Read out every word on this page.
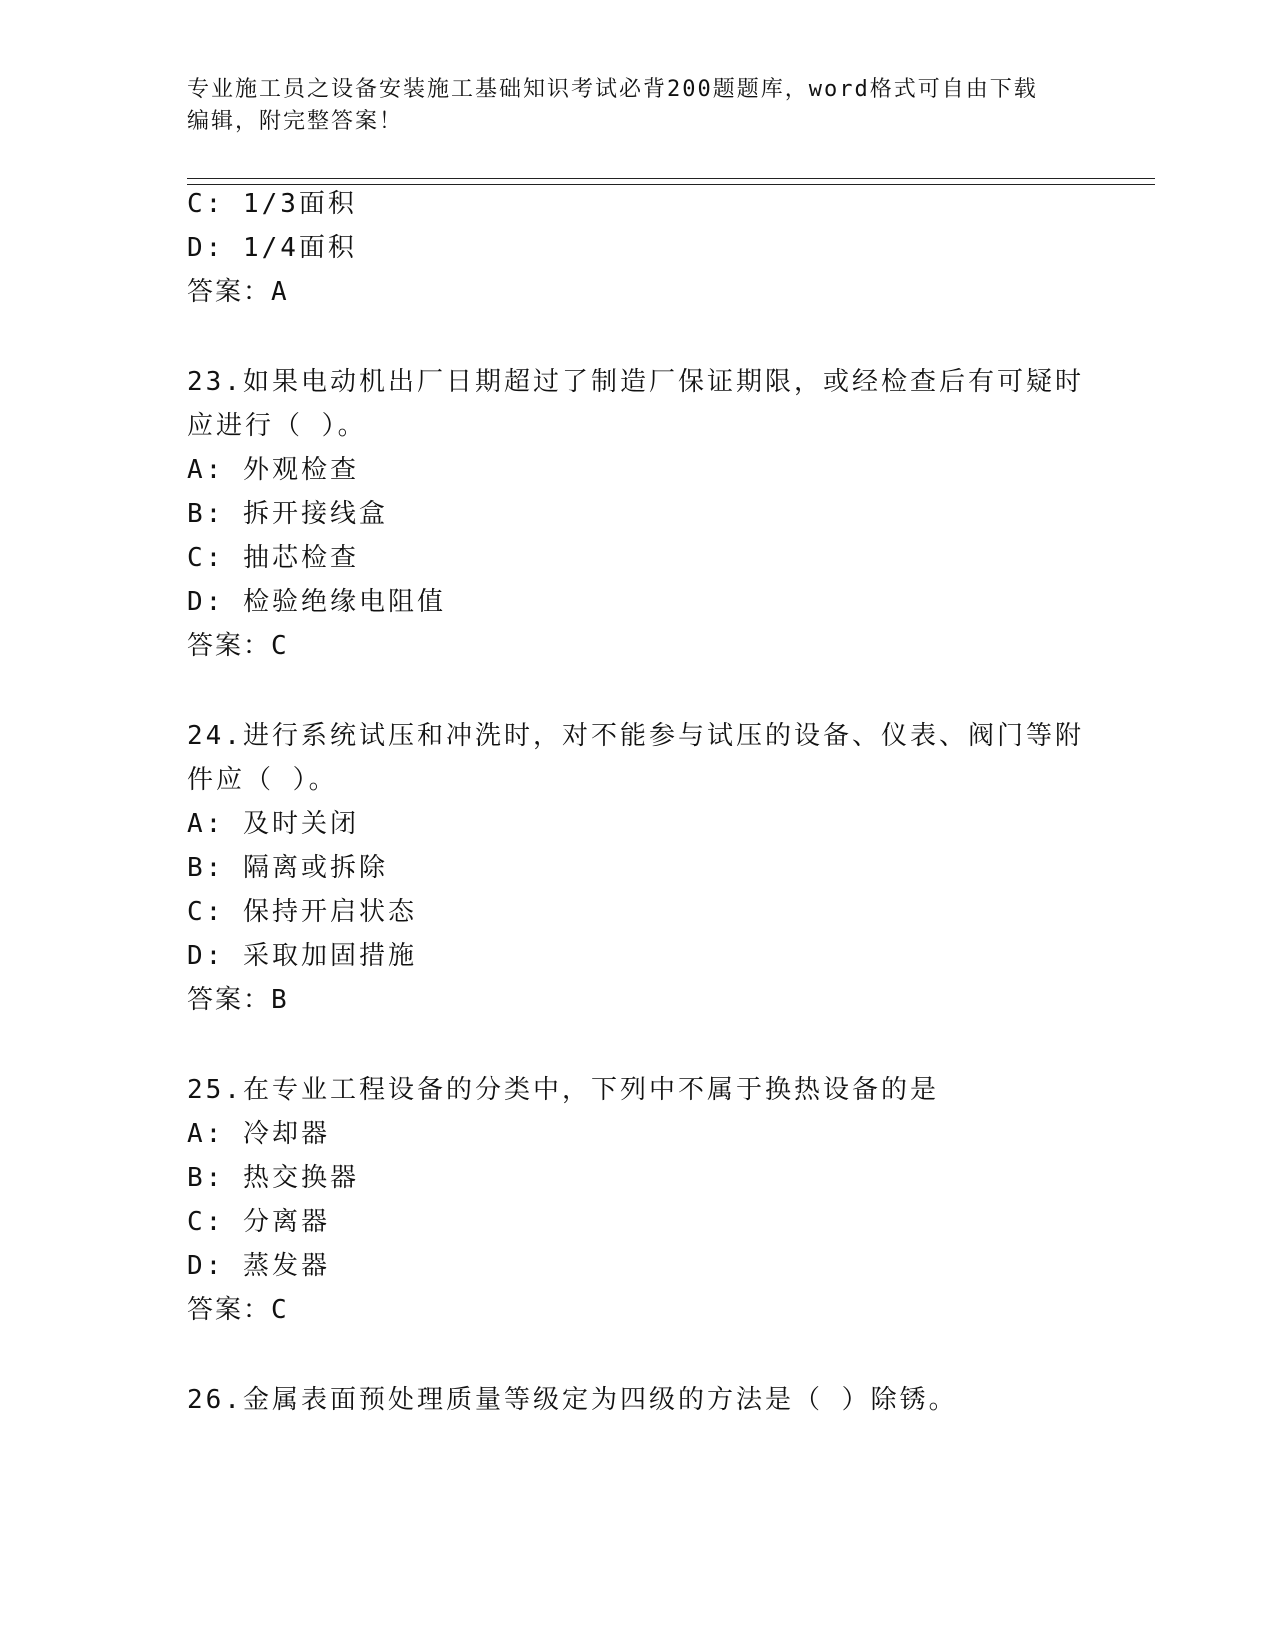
专业施工员之设备安装施工基础知识考试必背200题题库，word格式可自由下载
编辑，附完整答案！
C: 1/3面积
D: 1/4面积
答案：A
23.如果电动机出厂日期超过了制造厂保证期限，或经检查后有可疑时
应进行（ ）。
A: 外观检查
B: 拆开接线盒
C: 抽芯检查
D: 检验绝缘电阻值
答案：C
24.进行系统试压和冲洗时，对不能参与试压的设备、仪表、阀门等附
件应（ ）。
A: 及时关闭
B: 隔离或拆除
C: 保持开启状态
D: 采取加固措施
答案：B
25.在专业工程设备的分类中，下列中不属于换热设备的是
A: 冷却器
B: 热交换器
C: 分离器
D: 蒸发器
答案：C
26.金属表面预处理质量等级定为四级的方法是（ ）除锈。
